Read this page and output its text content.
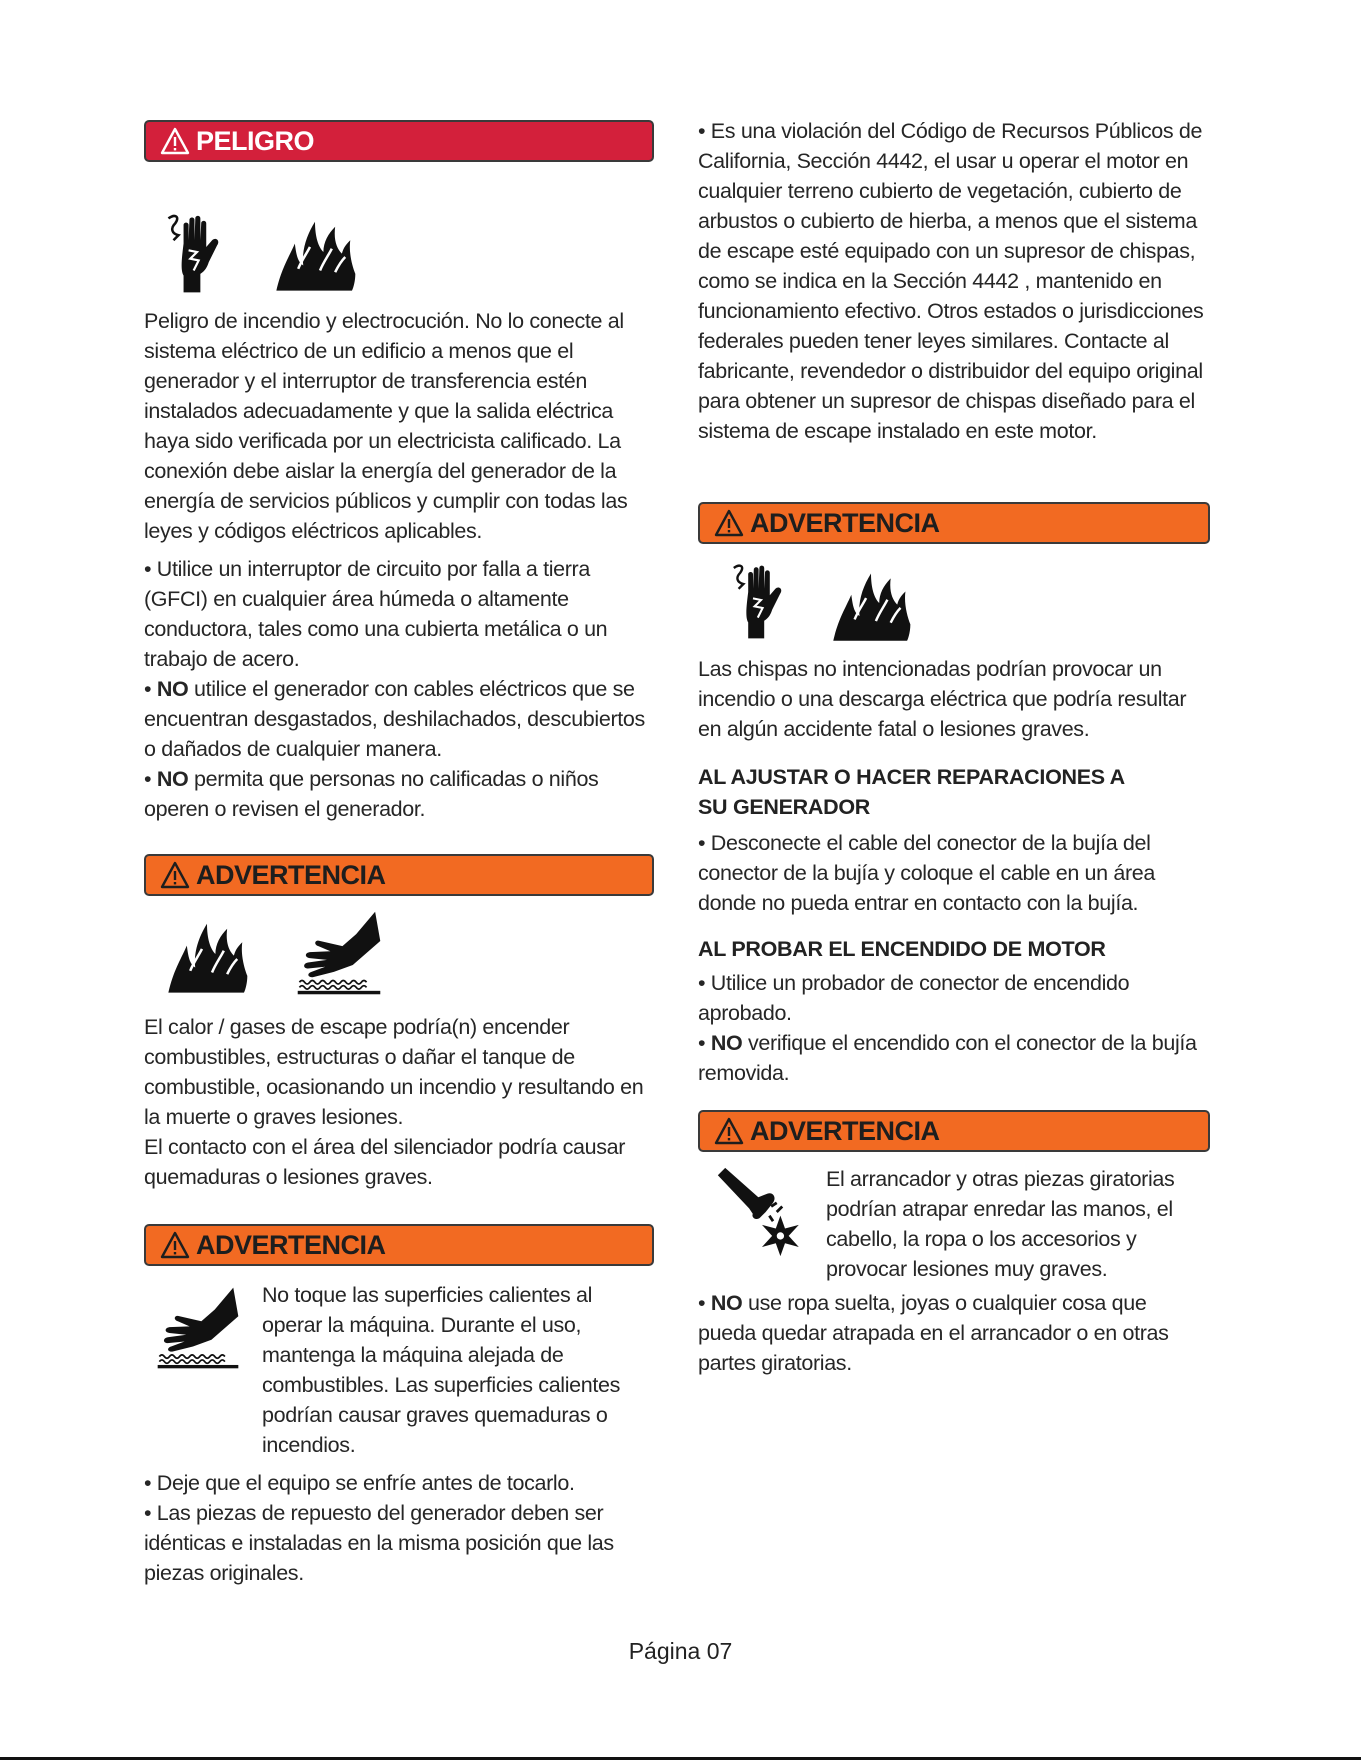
PELIGRO

Peligro de incendio y electrocución. No lo conecte al sistema eléctrico de un edificio a menos que el generador y el interruptor de transferencia estén instalados adecuadamente y que la salida eléctrica haya sido verificada por un electricista calificado. La conexión debe aislar la energía del generador de la energía de servicios públicos y cumplir con todas las leyes y códigos eléctricos aplicables.

• Utilice un interruptor de circuito por falla a tierra (GFCI) en cualquier área húmeda o altamente conductora, tales como una cubierta metálica o un trabajo de acero.

• NO utilice el generador con cables eléctricos que se encuentran desgastados, deshilachados, descubiertos o dañados de cualquier manera.

• NO permita que personas no calificadas o niños operen o revisen el generador.

ADVERTENCIA

El calor / gases de escape podría(n) encender combustibles, estructuras o dañar el tanque de combustible, ocasionando un incendio y resultando en la muerte o graves lesiones.

El contacto con el área del silenciador podría causar quemaduras o lesiones graves.

ADVERTENCIA

No toque las superficies calientes al operar la máquina. Durante el uso, mantenga la máquina alejada de combustibles. Las superficies calientes podrían causar graves quemaduras o incendios.

• Deje que el equipo se enfríe antes de tocarlo.

• Las piezas de repuesto del generador deben ser idénticas e instaladas en la misma posición que las piezas originales.

• Es una violación del Código de Recursos Públicos de California, Sección 4442, el usar u operar el motor en cualquier terreno cubierto de vegetación, cubierto de arbustos o cubierto de hierba, a menos que el sistema de escape esté equipado con un supresor de chispas, como se indica en la Sección 4442 , mantenido en funcionamiento efectivo. Otros estados o jurisdicciones federales pueden tener leyes similares. Contacte al fabricante, revendedor o distribuidor del equipo original para obtener un supresor de chispas diseñado para el sistema de escape instalado en este motor.

ADVERTENCIA

Las chispas no intencionadas podrían provocar un incendio o una descarga eléctrica que podría resultar en algún accidente fatal o lesiones graves.

AL AJUSTAR O HACER REPARACIONES A SU GENERADOR

• Desconecte el cable del conector de la bujía del conector de la bujía y coloque el cable en un área donde no pueda entrar en contacto con la bujía.

AL PROBAR EL ENCENDIDO DE MOTOR

• Utilice un probador de conector de encendido aprobado.

• NO verifique el encendido con el conector de la bujía removida.

ADVERTENCIA

El arrancador y otras piezas giratorias podrían atrapar enredar las manos, el cabello, la ropa o los accesorios y provocar lesiones muy graves.

• NO use ropa suelta, joyas o cualquier cosa que pueda quedar atrapada en el arrancador o en otras partes giratorias.

Página 07
